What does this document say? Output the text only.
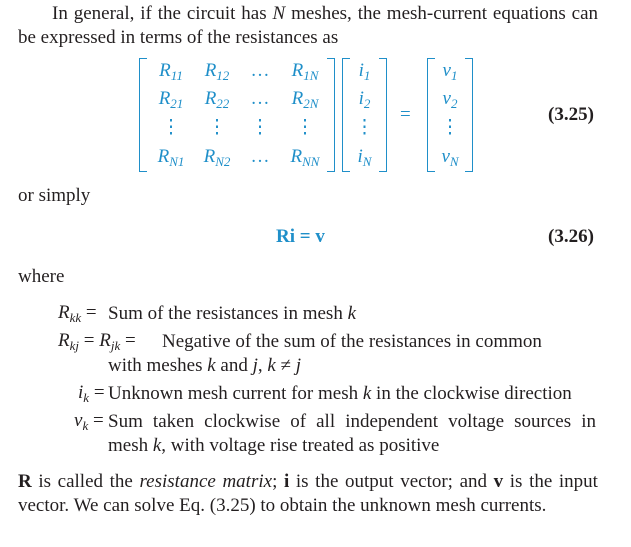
In general, if the circuit has N meshes, the mesh-current equations can be expressed in terms of the resistances as
$R_{11}$	$R_{12}$	…	$R_{1N}$
$R_{21}$	$R_{22}$	…	$R_{2N}$
⋮	⋮	⋮	⋮
$R_{N1}$	$R_{N2}$	…	$R_{NN}$
$i_1$
$i_2$
⋮
$i_N$
=
$v_1$
$v_2$
⋮
$v_N$
(3.25)
or simply
Ri = v	(3.26)
where
$R_{kk}$ = Sum of the resistances in mesh k
$R_{kj} = R_{jk}$ = Negative of the sum of the resistances in common
with meshes k and j, k ≠ j
$i_k$ = Unknown mesh current for mesh k in the clockwise direction
$v_k$ = Sum taken clockwise of all independent voltage sources in mesh k, with voltage rise treated as positive
R is called the resistance matrix; i is the output vector; and v is the input vector. We can solve Eq. (3.25) to obtain the unknown mesh currents.
